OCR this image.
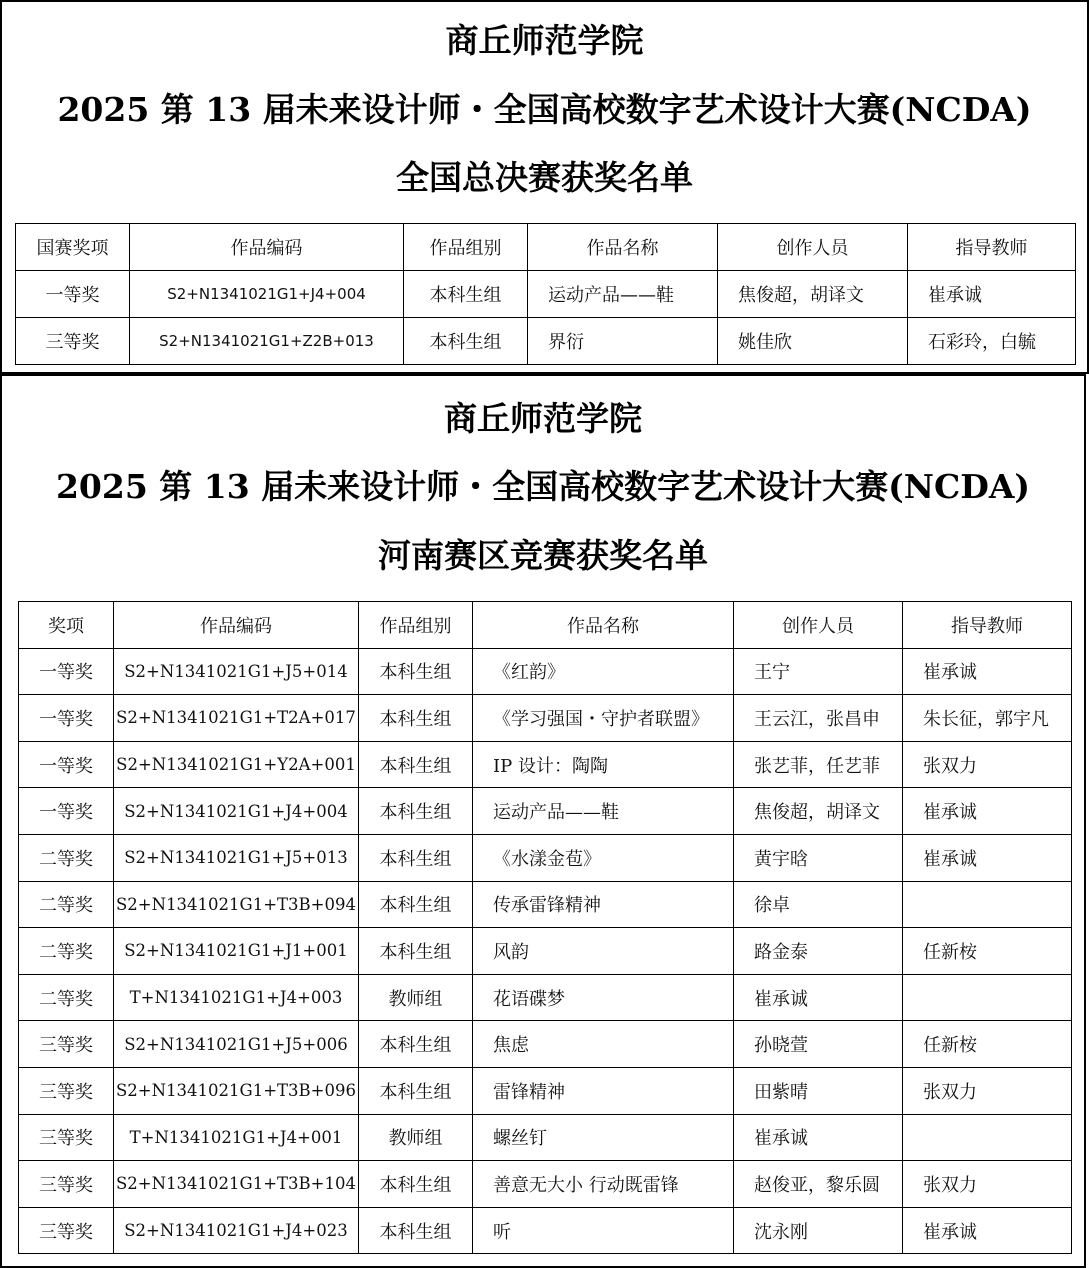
商丘师范学院
2025 第 13 届未来设计师・全国高校数字艺术设计大赛(NCDA)
全国总决赛获奖名单
国赛奖项	作品编码	作品组别	作品名称	创作人员	指导教师
一等奖	S2+N1341021G1+J4+004	本科生组	运动产品——鞋	焦俊超，胡译文	崔承诚
三等奖	S2+N1341021G1+Z2B+013	本科生组	界衍	姚佳欣	石彩玲，白毓
商丘师范学院
2025 第 13 届未来设计师・全国高校数字艺术设计大赛(NCDA)
河南赛区竞赛获奖名单
奖项	作品编码	作品组别	作品名称	创作人员	指导教师
一等奖	S2+N1341021G1+J5+014	本科生组	《红韵》	王宁	崔承诚
一等奖	S2+N1341021G1+T2A+017	本科生组	《学习强国・守护者联盟》	王云江，张昌申	朱长征，郭宇凡
一等奖	S2+N1341021G1+Y2A+001	本科生组	IP 设计：陶陶	张艺菲，任艺菲	张双力
一等奖	S2+N1341021G1+J4+004	本科生组	运动产品——鞋	焦俊超，胡译文	崔承诚
二等奖	S2+N1341021G1+J5+013	本科生组	《水漾金苞》	黄宇晗	崔承诚
二等奖	S2+N1341021G1+T3B+094	本科生组	传承雷锋精神	徐卓	
二等奖	S2+N1341021G1+J1+001	本科生组	风韵	路金泰	任新桉
二等奖	T+N1341021G1+J4+003	教师组	花语碟梦	崔承诚	
三等奖	S2+N1341021G1+J5+006	本科生组	焦虑	孙晓萱	任新桉
三等奖	S2+N1341021G1+T3B+096	本科生组	雷锋精神	田紫晴	张双力
三等奖	T+N1341021G1+J4+001	教师组	螺丝钉	崔承诚	
三等奖	S2+N1341021G1+T3B+104	本科生组	善意无大小 行动既雷锋	赵俊亚，黎乐圆	张双力
三等奖	S2+N1341021G1+J4+023	本科生组	听	沈永刚	崔承诚
